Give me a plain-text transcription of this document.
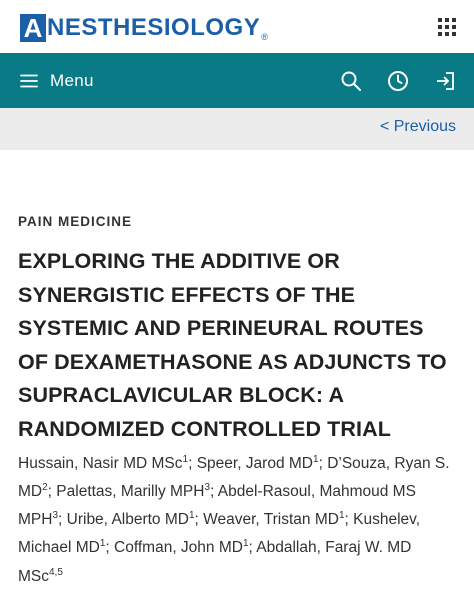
A NESTHESIOLOGY ®
Menu
< Previous
PAIN MEDICINE
EXPLORING THE ADDITIVE OR SYNERGISTIC EFFECTS OF THE SYSTEMIC AND PERINEURAL ROUTES OF DEXAMETHASONE AS ADJUNCTS TO SUPRACLAVICULAR BLOCK: A RANDOMIZED CONTROLLED TRIAL
Hussain, Nasir MD MSc$^1$; Speer, Jarod $MD^1$; D’Souza, Ryan S. $MD^2$; Palettas, Marilly MPH$^3$; Abdel-Rasoul, Mahmoud MS MPH$^3$; Uribe, Alberto $MD^1$; Weaver, Tristan $MD^1$; Kushelev, Michael $MD^1$; Coffman, John $MD^1$; Abdallah, Faraj W. MD MSc$^{4,5}$
